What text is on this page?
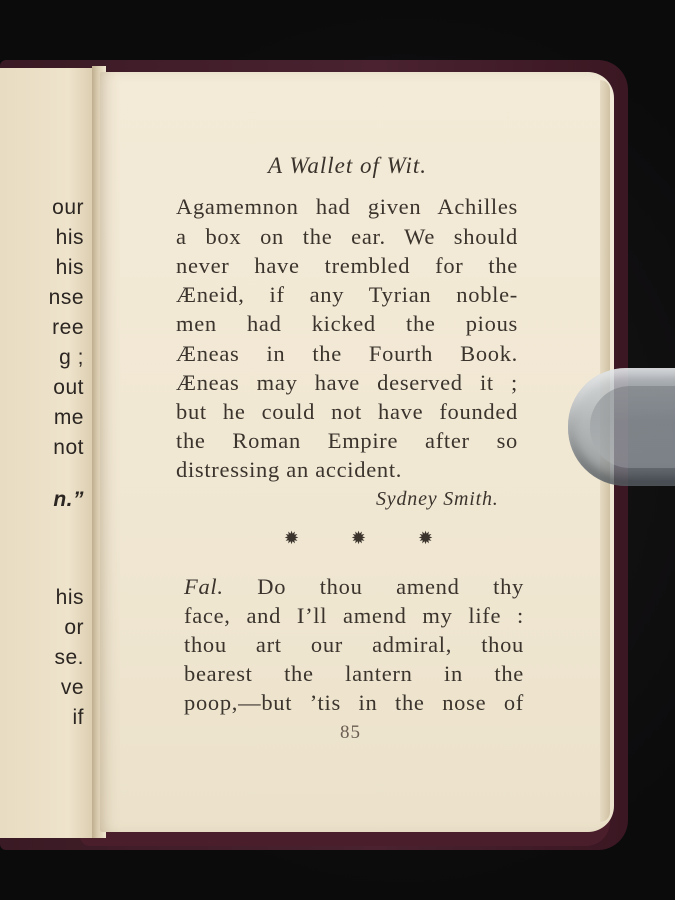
our
his
his
nse
ree
g ;
out
me
not
n.”
his
or
se.
ve
if
A Wallet of Wit.
Agamemnon had given Achilles
a box on the ear. We should
never have trembled for the
Æneid, if any Tyrian noble-
men had kicked the pious
Æneas in the Fourth Book.
Æneas may have deserved it ;
but he could not have founded
the Roman Empire after so
distressing an accident.
Sydney Smith.
✹	✹	✹
Fal. Do thou amend thy
face, and I’ll amend my life :
thou art our admiral, thou
bearest the lantern in the
poop,—but ’tis in the nose of
85
